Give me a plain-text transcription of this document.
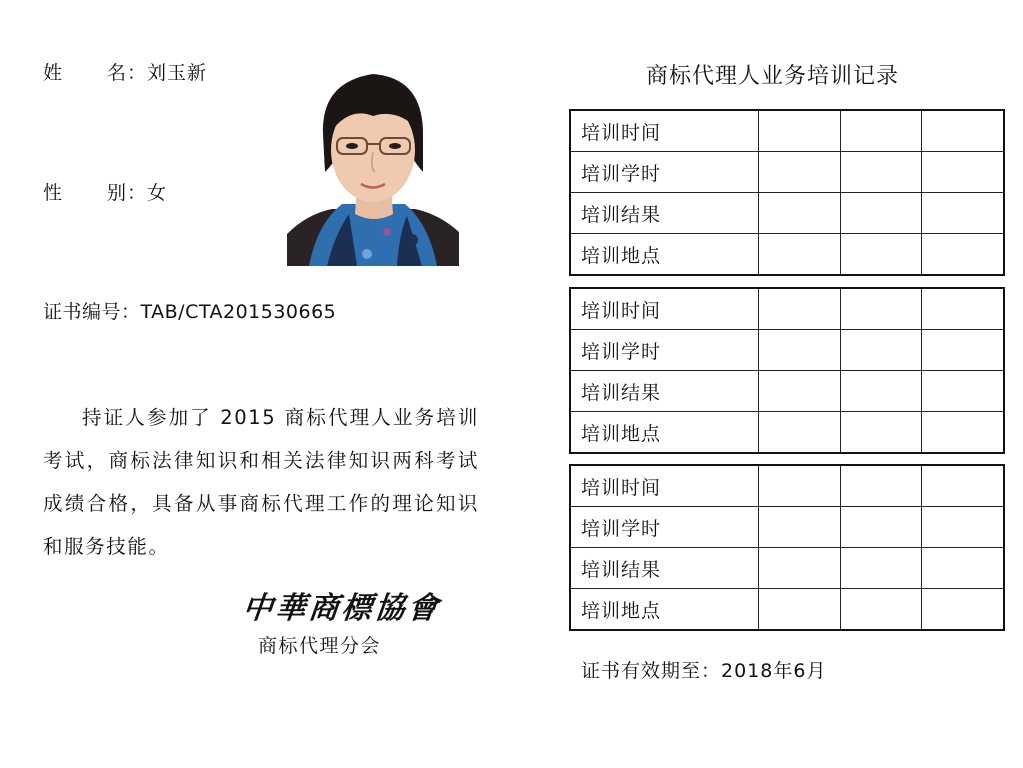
姓 名：刘玉新
性 别：女
证书编号：TAB/CTA201530665
持证人参加了 2015 商标代理人业务培训考试，商标法律知识和相关法律知识两科考试成绩合格，具备从事商标代理工作的理论知识和服务技能。
中華商標協會
商标代理分会
商标代理人业务培训记录
培训时间			
培训学时			
培训结果			
培训地点			
培训时间			
培训学时			
培训结果			
培训地点			
培训时间			
培训学时			
培训结果			
培训地点			
证书有效期至：2018年6月
